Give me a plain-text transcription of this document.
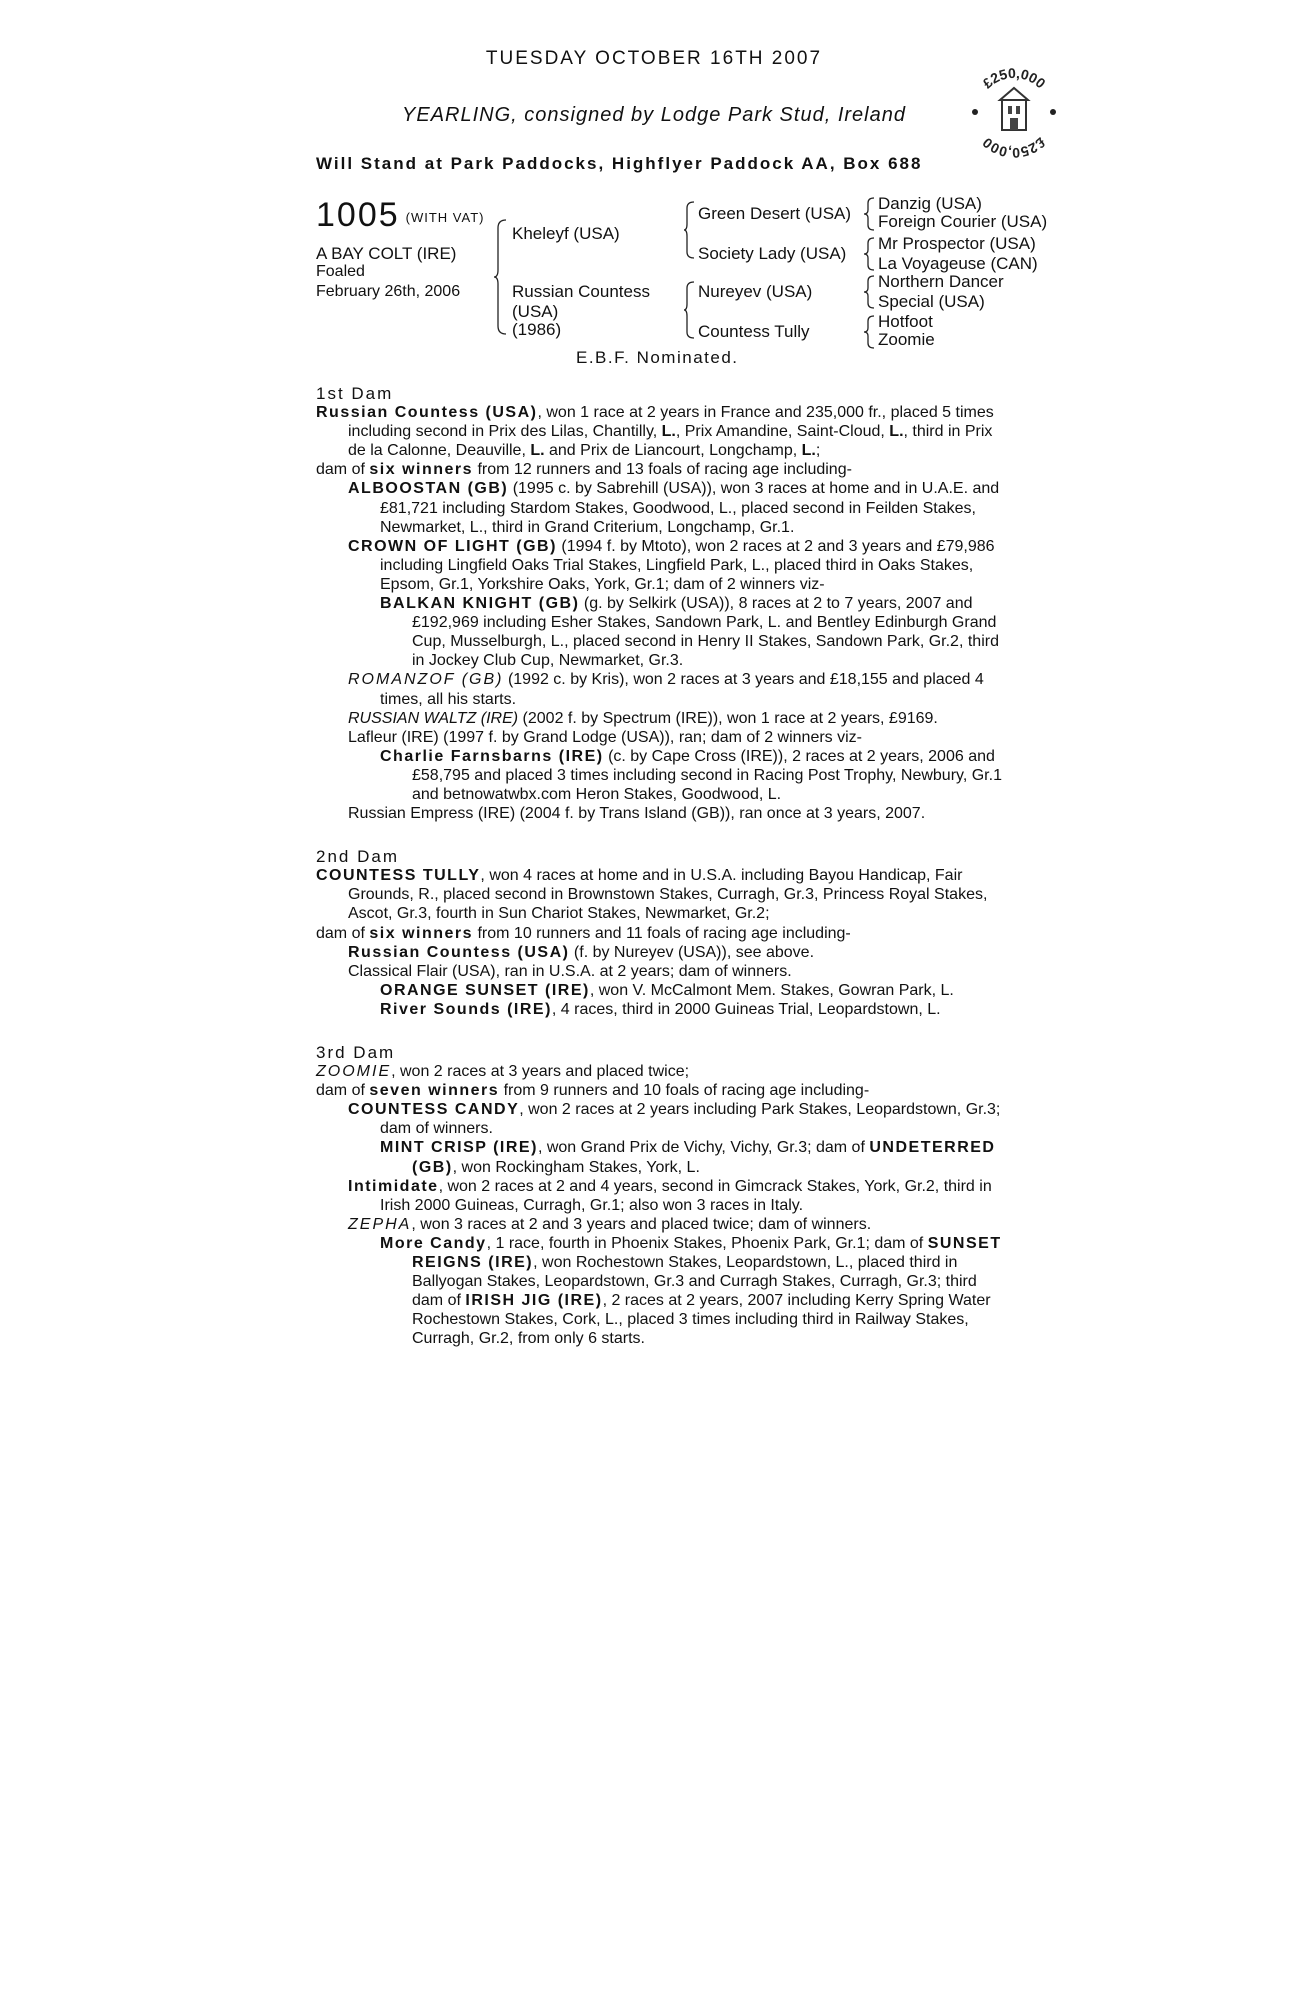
TUESDAY OCTOBER 16TH 2007
YEARLING, consigned by Lodge Park Stud, Ireland
Will Stand at Park Paddocks, Highflyer Paddock AA, Box 688
£250,000
£250,000
1005 (WITH VAT)
A BAY COLT (IRE)
Foaled
February 26th, 2006
Kheleyf (USA)
Russian Countess
(USA)
(1986)
Green Desert (USA)
Society Lady (USA)
Nureyev (USA)
Countess Tully
Danzig (USA)
Foreign Courier (USA)
Mr Prospector (USA)
La Voyageuse (CAN)
Northern Dancer
Special (USA)
Hotfoot
Zoomie
E.B.F. Nominated.

1st Dam

Russian Countess (USA), won 1 race at 2 years in France and 235,000 fr., placed 5 times including second in Prix des Lilas, Chantilly, L., Prix Amandine, Saint-Cloud, L., third in Prix de la Calonne, Deauville, L. and Prix de Liancourt, Longchamp, L.;

dam of six winners from 12 runners and 13 foals of racing age including-

ALBOOSTAN (GB) (1995 c. by Sabrehill (USA)), won 3 races at home and in U.A.E. and £81,721 including Stardom Stakes, Goodwood, L., placed second in Feilden Stakes, Newmarket, L., third in Grand Criterium, Longchamp, Gr.1.

CROWN OF LIGHT (GB) (1994 f. by Mtoto), won 2 races at 2 and 3 years and £79,986 including Lingfield Oaks Trial Stakes, Lingfield Park, L., placed third in Oaks Stakes, Epsom, Gr.1, Yorkshire Oaks, York, Gr.1; dam of 2 winners viz-

BALKAN KNIGHT (GB) (g. by Selkirk (USA)), 8 races at 2 to 7 years, 2007 and £192,969 including Esher Stakes, Sandown Park, L. and Bentley Edinburgh Grand Cup, Musselburgh, L., placed second in Henry II Stakes, Sandown Park, Gr.2, third in Jockey Club Cup, Newmarket, Gr.3.

ROMANZOF (GB) (1992 c. by Kris), won 2 races at 3 years and £18,155 and placed 4 times, all his starts.

RUSSIAN WALTZ (IRE) (2002 f. by Spectrum (IRE)), won 1 race at 2 years, £9169.

Lafleur (IRE) (1997 f. by Grand Lodge (USA)), ran; dam of 2 winners viz-

Charlie Farnsbarns (IRE) (c. by Cape Cross (IRE)), 2 races at 2 years, 2006 and £58,795 and placed 3 times including second in Racing Post Trophy, Newbury, Gr.1 and betnowatwbx.com Heron Stakes, Goodwood, L.

Russian Empress (IRE) (2004 f. by Trans Island (GB)), ran once at 3 years, 2007.

2nd Dam

COUNTESS TULLY, won 4 races at home and in U.S.A. including Bayou Handicap, Fair Grounds, R., placed second in Brownstown Stakes, Curragh, Gr.3, Princess Royal Stakes, Ascot, Gr.3, fourth in Sun Chariot Stakes, Newmarket, Gr.2;

dam of six winners from 10 runners and 11 foals of racing age including-

Russian Countess (USA) (f. by Nureyev (USA)), see above.

Classical Flair (USA), ran in U.S.A. at 2 years; dam of winners.

ORANGE SUNSET (IRE), won V. McCalmont Mem. Stakes, Gowran Park, L.

River Sounds (IRE), 4 races, third in 2000 Guineas Trial, Leopardstown, L.

3rd Dam

ZOOMIE, won 2 races at 3 years and placed twice;

dam of seven winners from 9 runners and 10 foals of racing age including-

COUNTESS CANDY, won 2 races at 2 years including Park Stakes, Leopardstown, Gr.3; dam of winners.

MINT CRISP (IRE), won Grand Prix de Vichy, Vichy, Gr.3; dam of UNDETERRED (GB), won Rockingham Stakes, York, L.

Intimidate, won 2 races at 2 and 4 years, second in Gimcrack Stakes, York, Gr.2, third in Irish 2000 Guineas, Curragh, Gr.1; also won 3 races in Italy.

ZEPHA, won 3 races at 2 and 3 years and placed twice; dam of winners.

More Candy, 1 race, fourth in Phoenix Stakes, Phoenix Park, Gr.1; dam of SUNSET REIGNS (IRE), won Rochestown Stakes, Leopardstown, L., placed third in Ballyogan Stakes, Leopardstown, Gr.3 and Curragh Stakes, Curragh, Gr.3; third dam of IRISH JIG (IRE), 2 races at 2 years, 2007 including Kerry Spring Water Rochestown Stakes, Cork, L., placed 3 times including third in Railway Stakes, Curragh, Gr.2, from only 6 starts.
